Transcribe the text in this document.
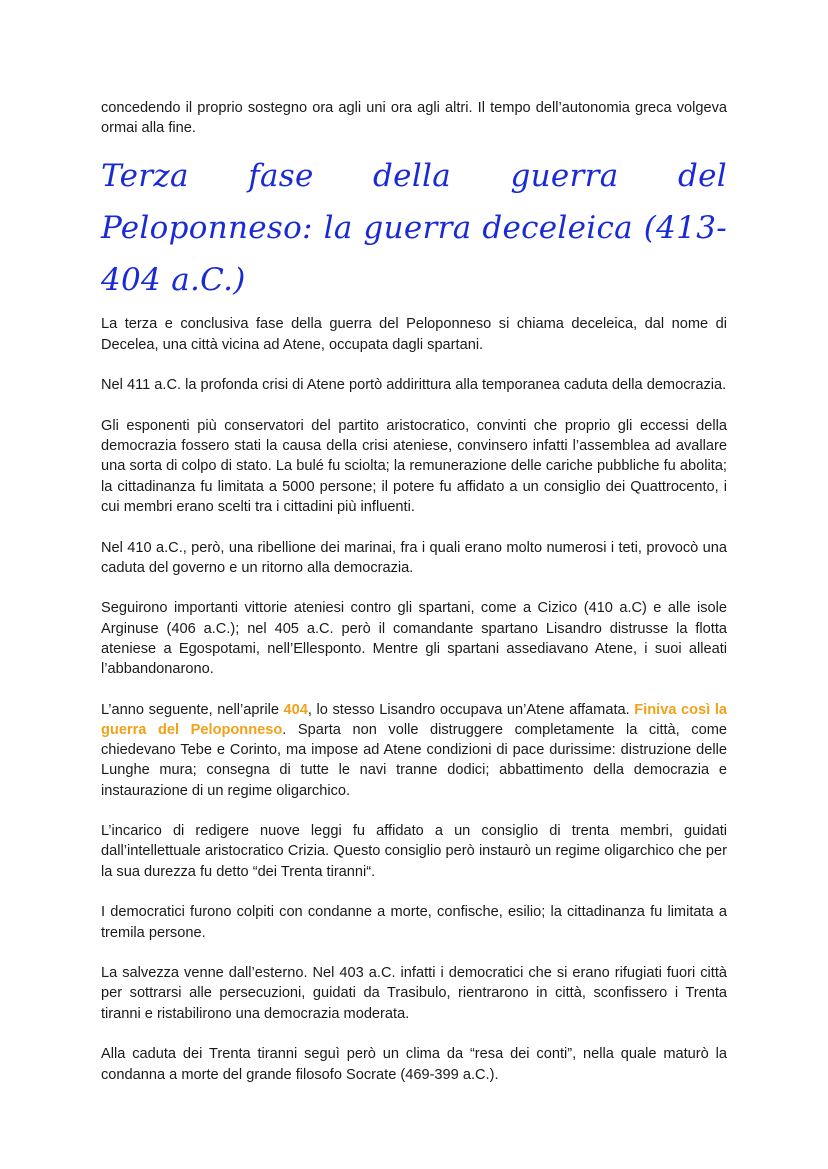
concedendo il proprio sostegno ora agli uni ora agli altri. Il tempo dell’autonomia greca volgeva ormai alla fine.

Terza fase della guerra del Peloponneso: la guerra deceleica (413-404 a.C.)

La terza e conclusiva fase della guerra del Peloponneso si chiama deceleica, dal nome di Decelea, una città vicina ad Atene, occupata dagli spartani.

Nel 411 a.C. la profonda crisi di Atene portò addirittura alla temporanea caduta della democrazia.

Gli esponenti più conservatori del partito aristocratico, convinti che proprio gli eccessi della democrazia fossero stati la causa della crisi ateniese, convinsero infatti l’assemblea ad avallare una sorta di colpo di stato. La bulé fu sciolta; la remunerazione delle cariche pubbliche fu abolita; la cittadinanza fu limitata a 5000 persone; il potere fu affidato a un consiglio dei Quattrocento, i cui membri erano scelti tra i cittadini più influenti.

Nel 410 a.C., però, una ribellione dei marinai, fra i quali erano molto numerosi i teti, provocò una caduta del governo e un ritorno alla democrazia.

Seguirono importanti vittorie ateniesi contro gli spartani, come a Cizico (410 a.C) e alle isole Arginuse (406 a.C.); nel 405 a.C. però il comandante spartano Lisandro distrusse la flotta ateniese a Egospotami, nell’Ellesponto. Mentre gli spartani assediavano Atene, i suoi alleati l’abbandonarono.

L’anno seguente, nell’aprile 404, lo stesso Lisandro occupava un’Atene affamata. Finiva così la guerra del Peloponneso. Sparta non volle distruggere completamente la città, come chiedevano Tebe e Corinto, ma impose ad Atene condizioni di pace durissime: distruzione delle Lunghe mura; consegna di tutte le navi tranne dodici; abbattimento della democrazia e instaurazione di un regime oligarchico.

L’incarico di redigere nuove leggi fu affidato a un consiglio di trenta membri, guidati dall’intellettuale aristocratico Crizia. Questo consiglio però instaurò un regime oligarchico che per la sua durezza fu detto “dei Trenta tiranni“.

I democratici furono colpiti con condanne a morte, confische, esilio; la cittadinanza fu limitata a tremila persone.

La salvezza venne dall’esterno. Nel 403 a.C. infatti i democratici che si erano rifugiati fuori città per sottrarsi alle persecuzioni, guidati da Trasibulo, rientrarono in città, sconfissero i Trenta tiranni e ristabilirono una democrazia moderata.

Alla caduta dei Trenta tiranni seguì però un clima da “resa dei conti”, nella quale maturò la condanna a morte del grande filosofo Socrate (469-399 a.C.).
